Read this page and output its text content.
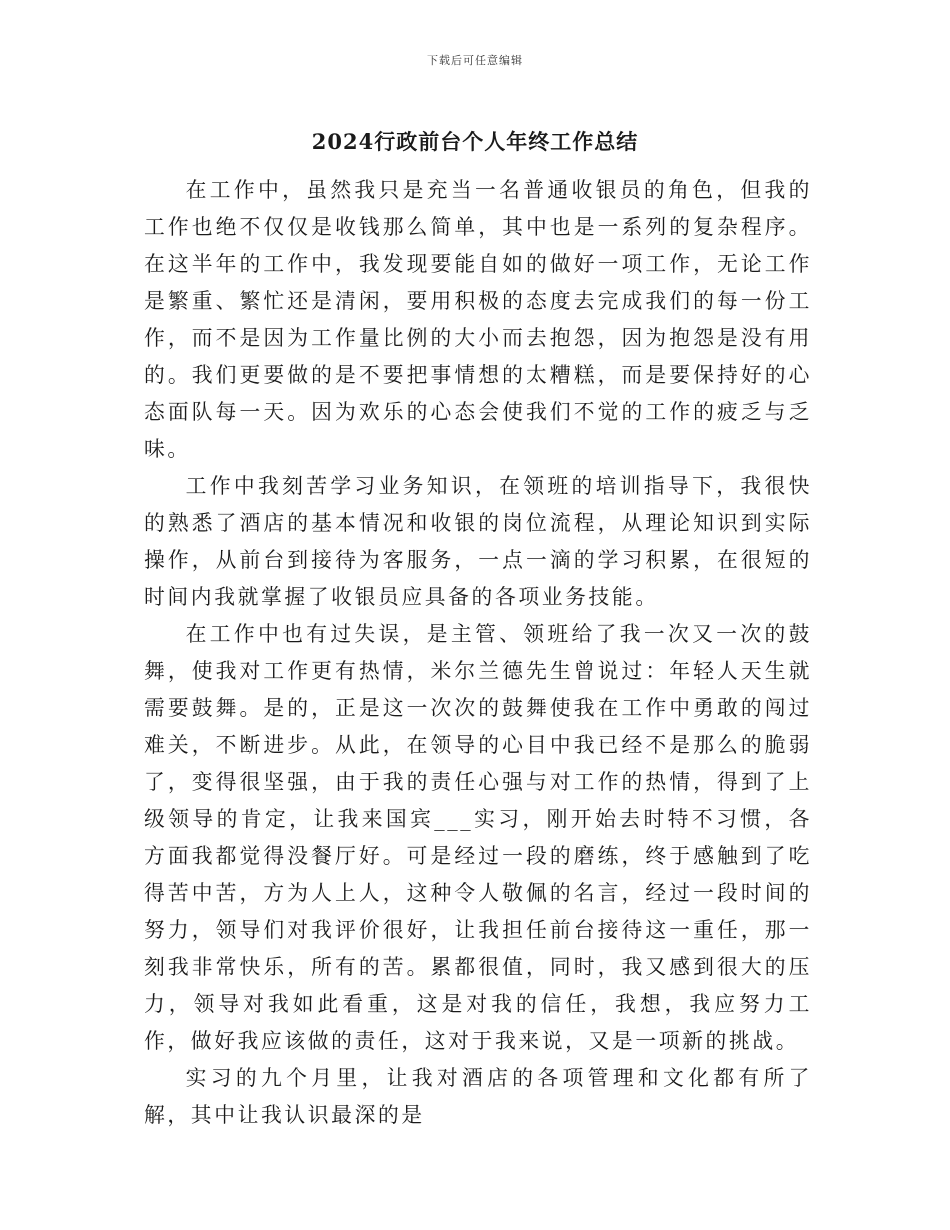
下载后可任意编辑
2024行政前台个人年终工作总结

在工作中，虽然我只是充当一名普通收银员的角色，但我的工作也绝不仅仅是收钱那么简单，其中也是一系列的复杂程序。在这半年的工作中，我发现要能自如的做好一项工作，无论工作是繁重、繁忙还是清闲，要用积极的态度去完成我们的每一份工作，而不是因为工作量比例的大小而去抱怨，因为抱怨是没有用的。我们更要做的是不要把事情想的太糟糕，而是要保持好的心态面队每一天。因为欢乐的心态会使我们不觉的工作的疲乏与乏味。

工作中我刻苦学习业务知识，在领班的培训指导下，我很快的熟悉了酒店的基本情况和收银的岗位流程，从理论知识到实际操作，从前台到接待为客服务，一点一滴的学习积累，在很短的时间内我就掌握了收银员应具备的各项业务技能。

在工作中也有过失误，是主管、领班给了我一次又一次的鼓舞，使我对工作更有热情，米尔兰德先生曾说过：年轻人天生就需要鼓舞。是的，正是这一次次的鼓舞使我在工作中勇敢的闯过难关，不断进步。从此，在领导的心目中我已经不是那么的脆弱了，变得很坚强，由于我的责任心强与对工作的热情，得到了上级领导的肯定，让我来国宾___实习，刚开始去时特不习惯，各方面我都觉得没餐厅好。可是经过一段的磨练，终于感触到了吃得苦中苦，方为人上人，这种令人敬佩的名言，经过一段时间的努力，领导们对我评价很好，让我担任前台接待这一重任，那一刻我非常快乐，所有的苦。累都很值，同时，我又感到很大的压力，领导对我如此看重，这是对我的信任，我想，我应努力工作，做好我应该做的责任，这对于我来说，又是一项新的挑战。

实习的九个月里，让我对酒店的各项管理和文化都有所了解，其中让我认识最深的是
